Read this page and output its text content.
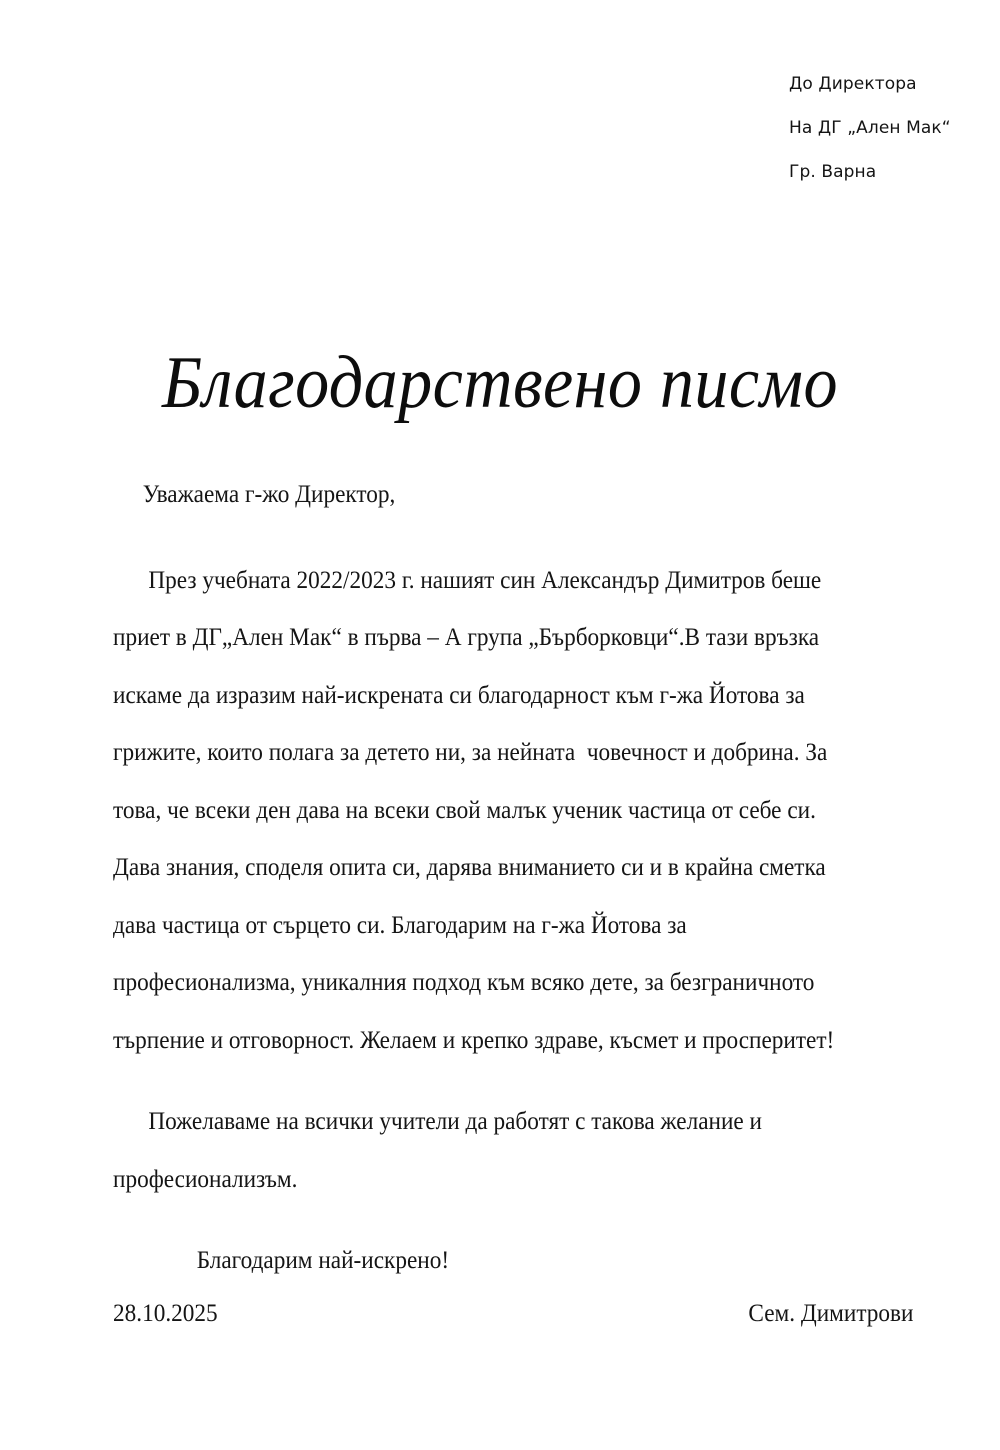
До Директора
На ДГ „Ален Мак“
Гр. Варна
Благодарствено писмо

Уважаема г-жо Директор,

През учебната 2022/2023 г. нашият син Александър Димитров беше приет в ДГ„Ален Мак“ в първа – А група „Бърборковци“.В тази връзка искаме да изразим най-искрената си благодарност към г-жа Йотова за грижите, които полага за детето ни, за нейната  човечност и добрина. За това, че всеки ден дава на всеки свой малък ученик частица от себе си. Дава знания, споделя опита си, дарява вниманието си и в крайна сметка дава частица от сърцето си. Благодарим на г-жа Йотова за професионализма, уникалния подход към всяко дете, за безграничното търпение и отговорност. Желаем и крепко здраве, късмет и просперитет!

Пожелаваме на всички учители да работят с такова желание и професионализъм.

Благодарим най-искрено!

28.10.2025	Сем. Димитрови
